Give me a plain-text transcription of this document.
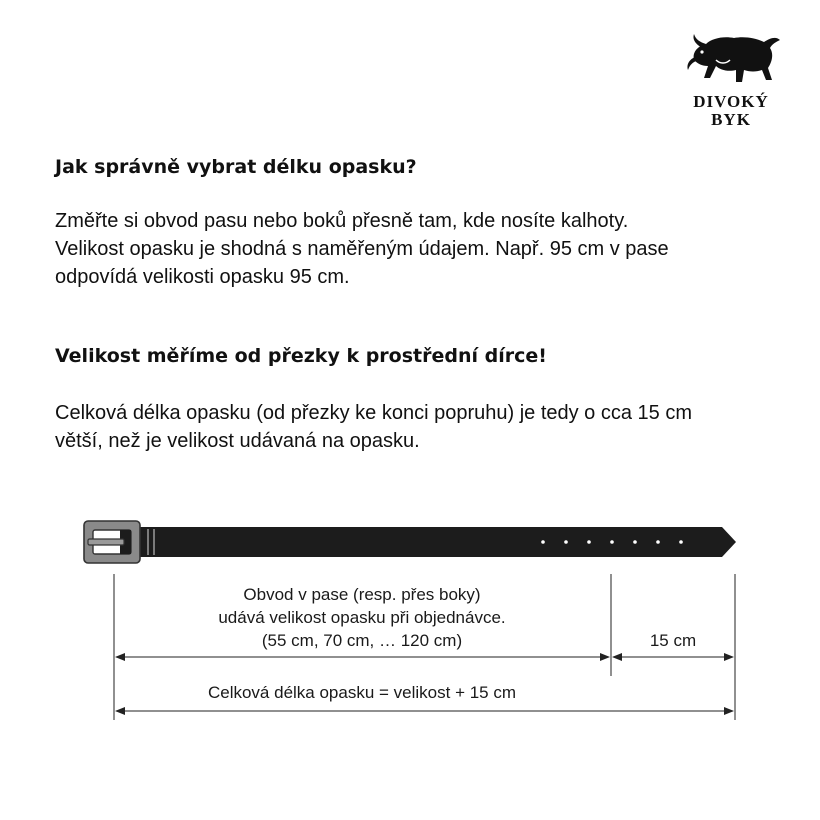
DIVOKÝ
BYK
Jak správně vybrat délku opasku?

Změřte si obvod pasu nebo boků přesně tam, kde nosíte kalhoty.
Velikost opasku je shodná s naměřeným údajem. Např. 95 cm v pase
odpovídá velikosti opasku 95 cm.

Velikost měříme od přezky k prostřední dírce!

Celková délka opasku (od přezky ke konci popruhu) je tedy o cca 15 cm
větší, než je velikost udávaná na opasku.

Obvod v pase (resp. přes boky)
udává velikost opasku při objednávce.
(55 cm, 70 cm, … 120 cm)	15 cm
Celková délka opasku = velikost + 15 cm
